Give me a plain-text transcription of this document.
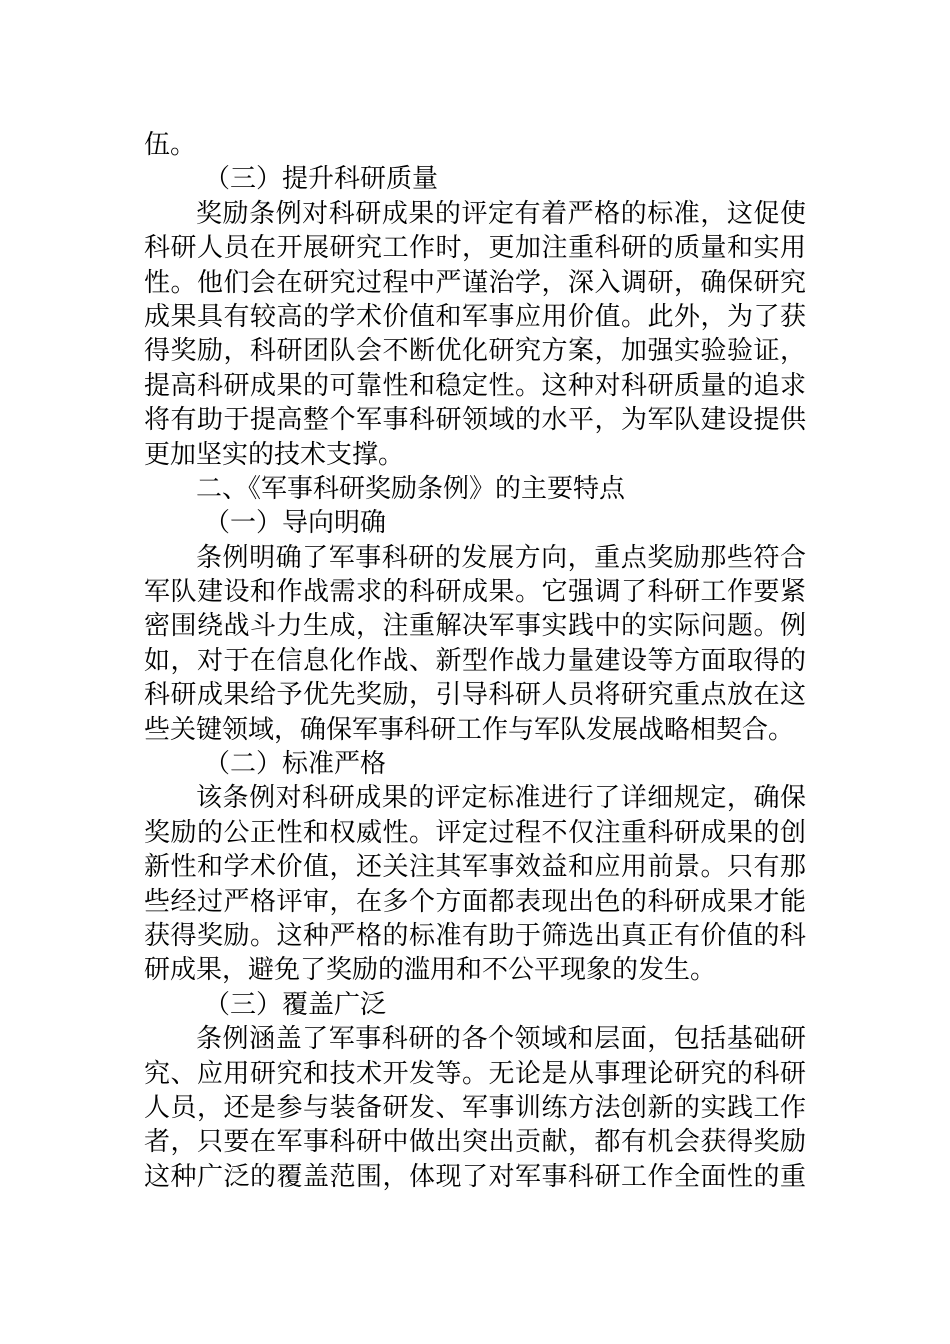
伍。
（三）提升科研质量
奖励条例对科研成果的评定有着严格的标准，这促使
科研人员在开展研究工作时，更加注重科研的质量和实用
性。他们会在研究过程中严谨治学，深入调研，确保研究
成果具有较高的学术价值和军事应用价值。此外，为了获
得奖励，科研团队会不断优化研究方案，加强实验验证，
提高科研成果的可靠性和稳定性。这种对科研质量的追求
将有助于提高整个军事科研领域的水平，为军队建设提供
更加坚实的技术支撑。
二、《军事科研奖励条例》的主要特点
（一）导向明确
条例明确了军事科研的发展方向，重点奖励那些符合
军队建设和作战需求的科研成果。它强调了科研工作要紧
密围绕战斗力生成，注重解决军事实践中的实际问题。例
如，对于在信息化作战、新型作战力量建设等方面取得的
科研成果给予优先奖励，引导科研人员将研究重点放在这
些关键领域，确保军事科研工作与军队发展战略相契合。
（二）标准严格
该条例对科研成果的评定标准进行了详细规定，确保
奖励的公正性和权威性。评定过程不仅注重科研成果的创
新性和学术价值，还关注其军事效益和应用前景。只有那
些经过严格评审，在多个方面都表现出色的科研成果才能
获得奖励。这种严格的标准有助于筛选出真正有价值的科
研成果，避免了奖励的滥用和不公平现象的发生。
（三）覆盖广泛
条例涵盖了军事科研的各个领域和层面，包括基础研
究、应用研究和技术开发等。无论是从事理论研究的科研
人员，还是参与装备研发、军事训练方法创新的实践工作
者，只要在军事科研中做出突出贡献，都有机会获得奖励
这种广泛的覆盖范围，体现了对军事科研工作全面性的重
